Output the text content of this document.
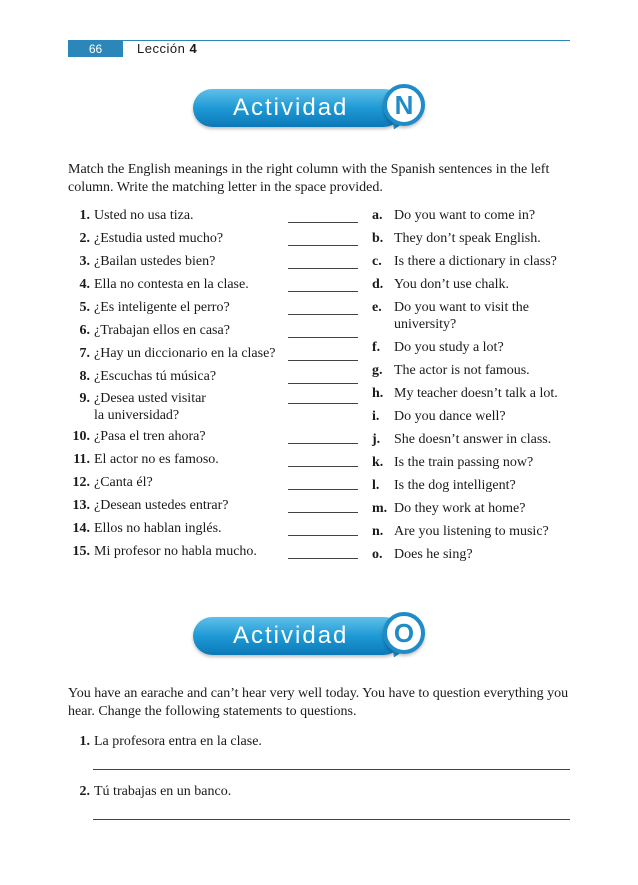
66	Lección 4
Actividad	N
Match the English meanings in the right column with the Spanish sentences in the left column. Write the matching letter in the space provided.
1. Usted no usa tiza.
2. ¿Estudia usted mucho?
3. ¿Bailan ustedes bien?
4. Ella no contesta en la clase.
5. ¿Es inteligente el perro?
6. ¿Trabajan ellos en casa?
7. ¿Hay un diccionario en la clase?
8. ¿Escuchas tú música?
9. ¿Desea usted visitar
la universidad?
10. ¿Pasa el tren ahora?
11. El actor no es famoso.
12. ¿Canta él?
13. ¿Desean ustedes entrar?
14. Ellos no hablan inglés.
15. Mi profesor no habla mucho.
a. Do you want to come in?
b. They don’t speak English.
c. Is there a dictionary in class?
d. You don’t use chalk.
e. Do you want to visit the
university?
f. Do you study a lot?
g. The actor is not famous.
h. My teacher doesn’t talk a lot.
i. Do you dance well?
j. She doesn’t answer in class.
k. Is the train passing now?
l. Is the dog intelligent?
m. Do they work at home?
n. Are you listening to music?
o. Does he sing?
Actividad	O
You have an earache and can’t hear very well today. You have to question everything you hear. Change the following statements to questions.
1. La profesora entra en la clase.
2. Tú trabajas en un banco.
